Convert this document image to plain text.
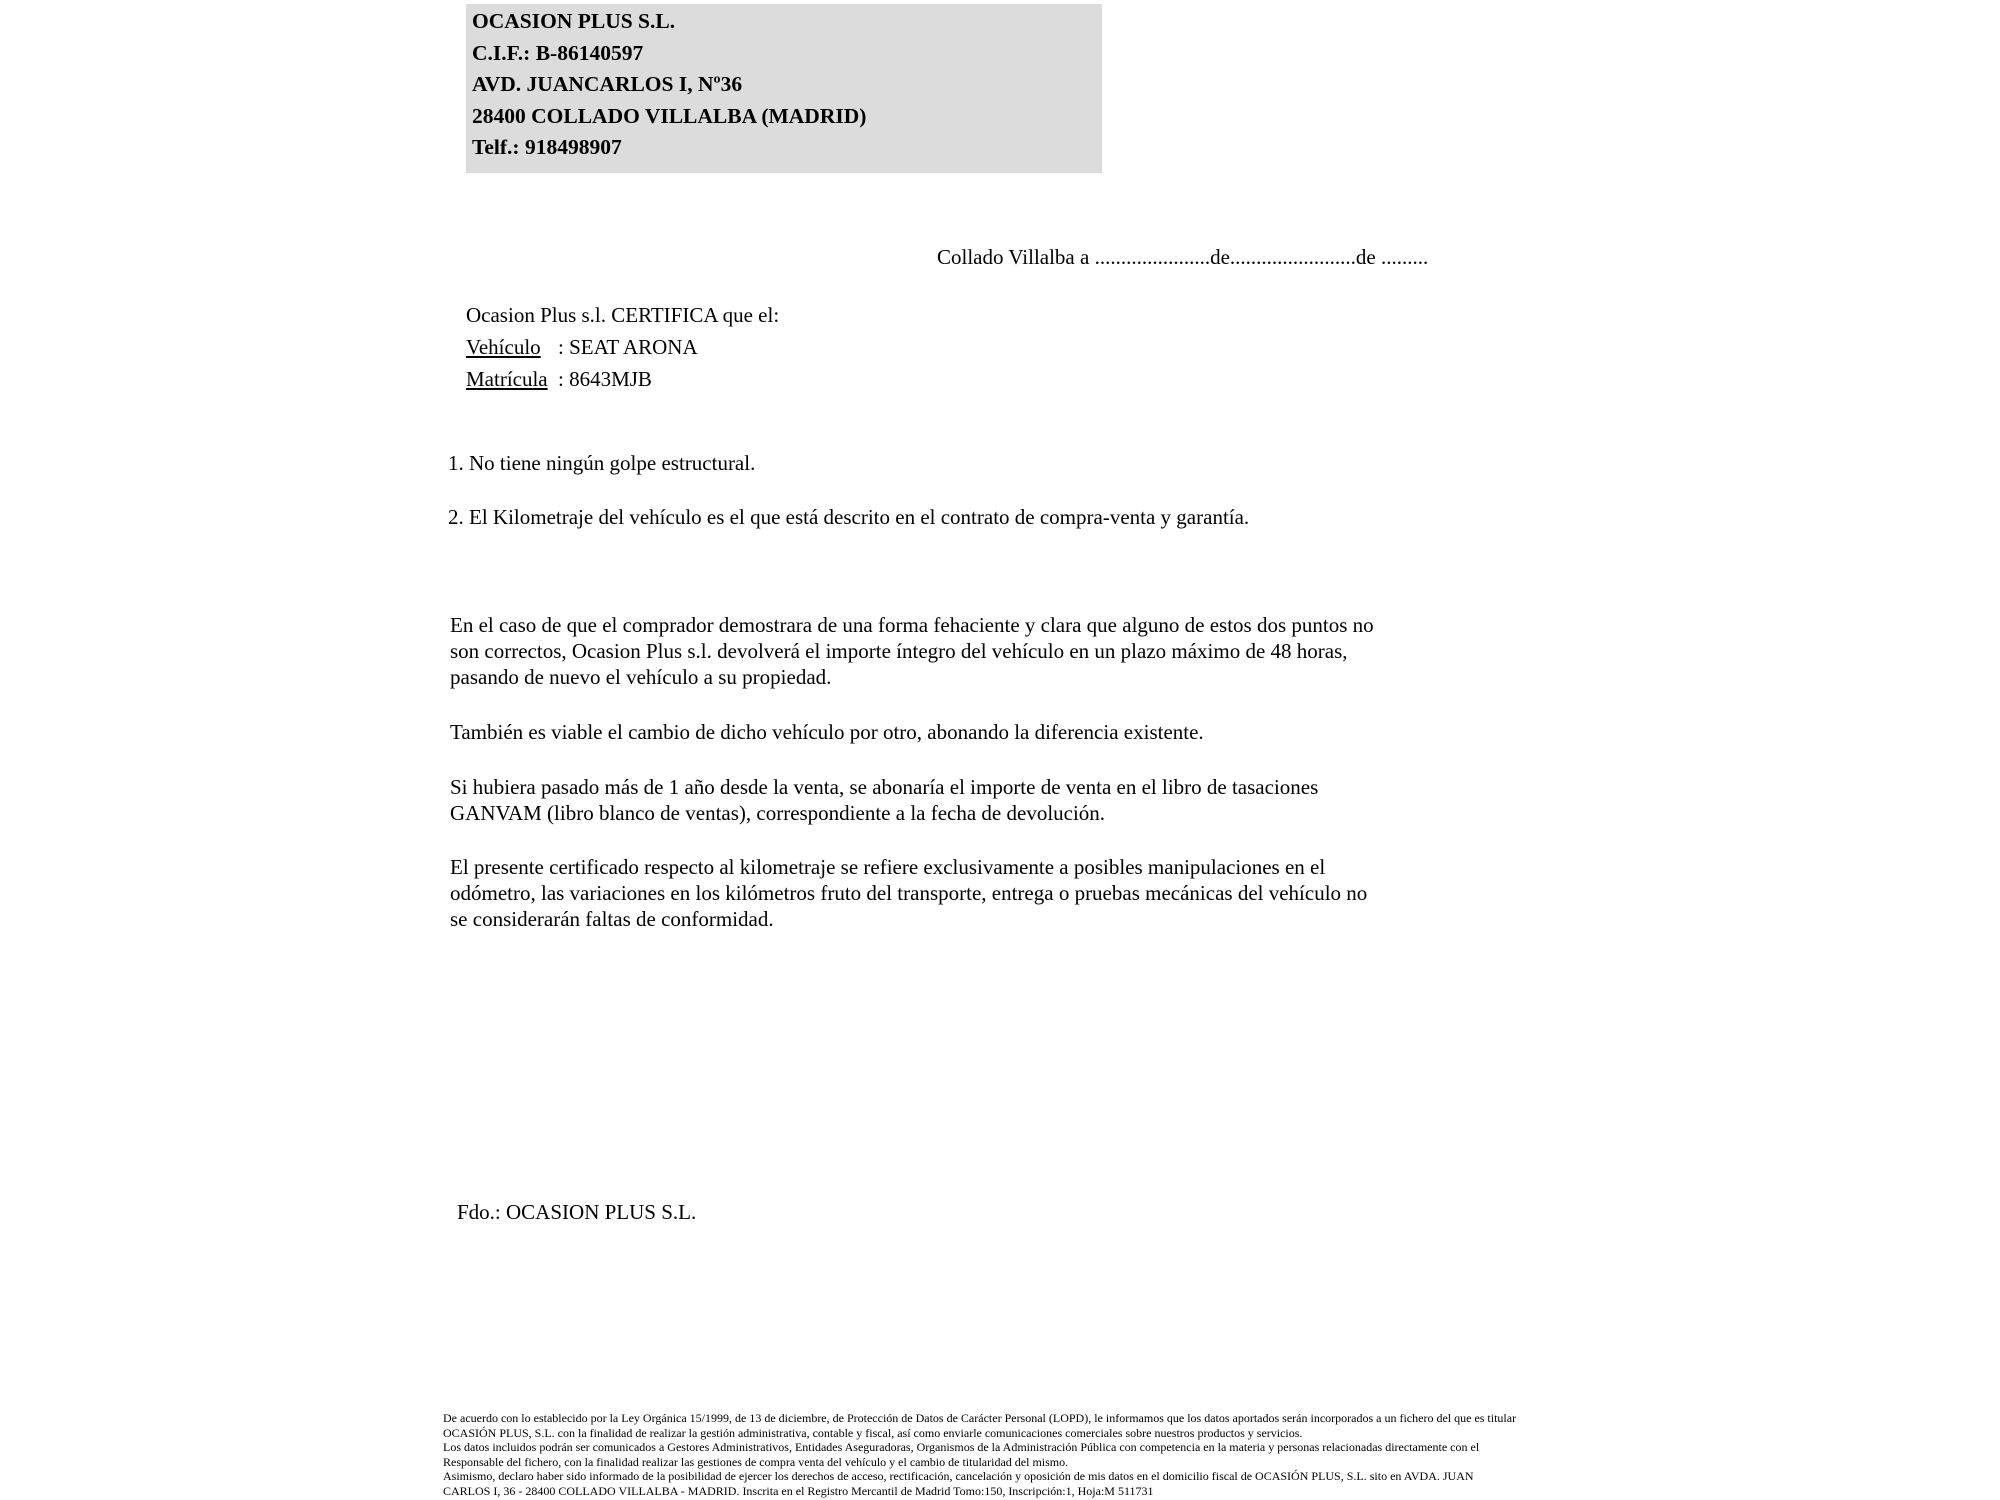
OCASION PLUS S.L.
C.I.F.: B-86140597
AVD. JUANCARLOS I, Nº36
28400 COLLADO VILLALBA (MADRID)
Telf.: 918498907
Collado Villalba a ......................de........................de .........
Ocasion Plus s.l. CERTIFICA que el:
Vehículo : SEAT ARONA
Matrícula : 8643MJB
1. No tiene ningún golpe estructural.
2. El Kilometraje del vehículo es el que está descrito en el contrato de compra-venta y garantía.
En el caso de que el comprador demostrara de una forma fehaciente y clara que alguno de estos dos puntos no
son correctos, Ocasion Plus s.l. devolverá el importe íntegro del vehículo en un plazo máximo de 48 horas,
pasando de nuevo el vehículo a su propiedad.
También es viable el cambio de dicho vehículo por otro, abonando la diferencia existente.
Si hubiera pasado más de 1 año desde la venta, se abonaría el importe de venta en el libro de tasaciones
GANVAM (libro blanco de ventas), correspondiente a la fecha de devolución.
El presente certificado respecto al kilometraje se refiere exclusivamente a posibles manipulaciones en el
odómetro, las variaciones en los kilómetros fruto del transporte, entrega o pruebas mecánicas del vehículo no
se considerarán faltas de conformidad.
Fdo.: OCASION PLUS S.L.
De acuerdo con lo establecido por la Ley Orgánica 15/1999, de 13 de diciembre, de Protección de Datos de Carácter Personal (LOPD), le informamos que los datos aportados serán incorporados a un fichero del que es titular
OCASIÓN PLUS, S.L. con la finalidad de realizar la gestión administrativa, contable y fiscal, así como enviarle comunicaciones comerciales sobre nuestros productos y servicios.
Los datos incluidos podrán ser comunicados a Gestores Administrativos, Entidades Aseguradoras, Organismos de la Administración Pública con competencia en la materia y personas relacionadas directamente con el
Responsable del fichero, con la finalidad realizar las gestiones de compra venta del vehículo y el cambio de titularidad del mismo.
Asimismo, declaro haber sido informado de la posibilidad de ejercer los derechos de acceso, rectificación, cancelación y oposición de mis datos en el domicilio fiscal de OCASIÓN PLUS, S.L. sito en AVDA. JUAN
CARLOS I, 36 - 28400 COLLADO VILLALBA - MADRID. Inscrita en el Registro Mercantil de Madrid Tomo:150, Inscripción:1, Hoja:M 511731
